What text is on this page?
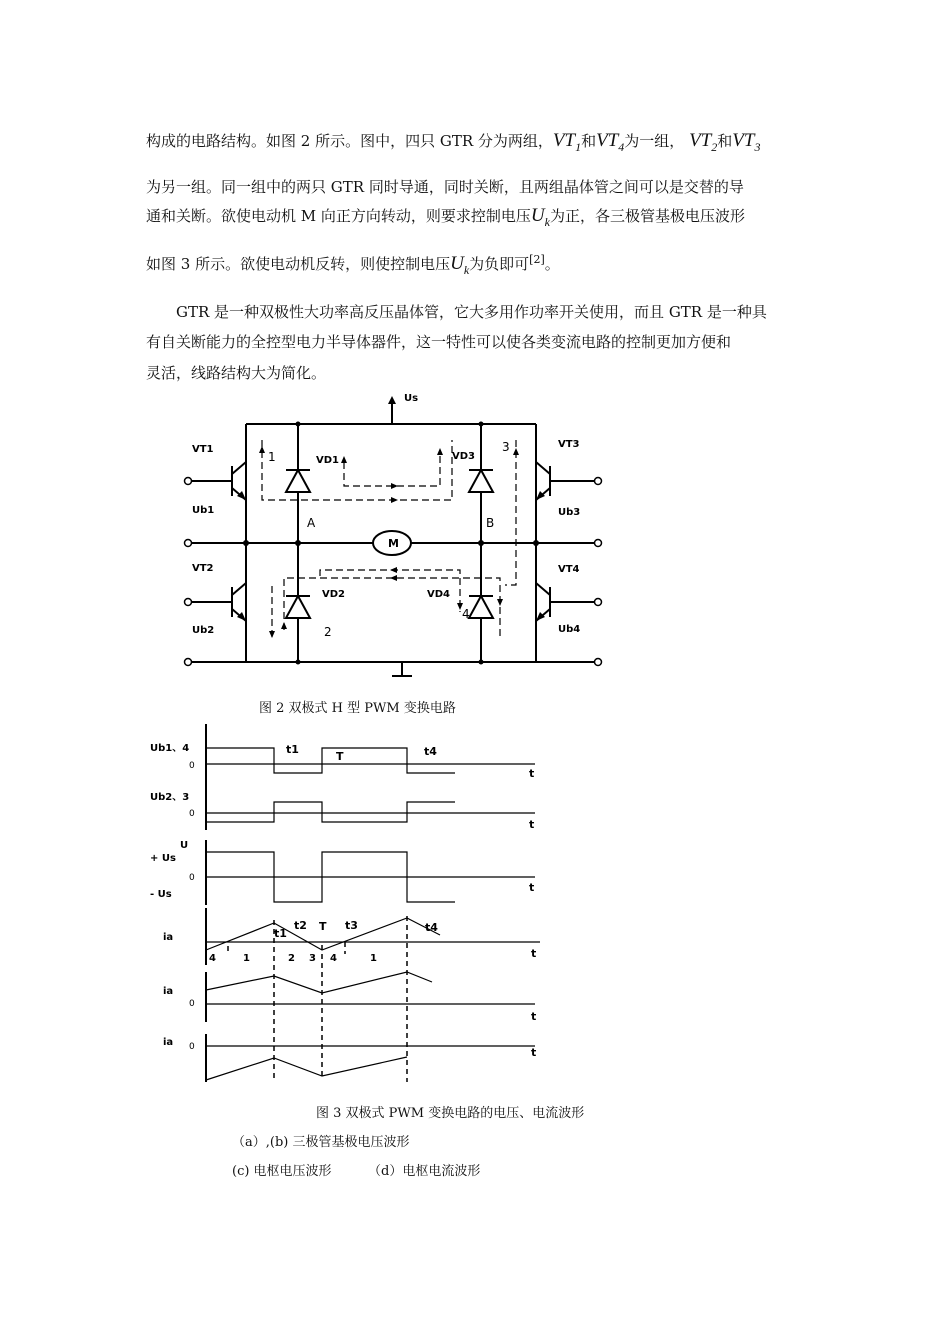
构成的电路结构。如图 2 所示。图中，四只 GTR 分为两组，$VT_1$和$VT_4$为一组， $VT_2$和$VT_3$
为另一组。同一组中的两只 GTR 同时导通，同时关断，且两组晶体管之间可以是交替的导
通和关断。欲使电动机 M 向正方向转动，则要求控制电压$U_k$为正，各三极管基极电压波形
如图 3 所示。欲使电动机反转，则使控制电压$U_k$为负即可[2]。
GTR 是一种双极性大功率高反压晶体管，它大多用作功率开关使用，而且 GTR 是一种具
有自关断能力的全控型电力半导体器件，这一特性可以使各类变流电路的控制更加方便和
灵活，线路结构大为简化。
Us
VT1
Ub1
VT2
Ub2
VT3
Ub3
VT4
Ub4
VD1
VD2
VD3
VD4
M
A	B
1
2
3
4
图 2 双极式 H 型 PWM 变换电路
Ub1、4
Ub2、3
U
+ Us
- Us
ia
ia
ia
0
0
0
0
0
t
t
t
t
t
t
t1
T	t4
t2
t1
T t3	t4
4	1	2 3 4	1
图 3 双极式 PWM 变换电路的电压、电流波形
（a）,(b) 三极管基极电压波形
(c) 电枢电压波形	（d）电枢电流波形
